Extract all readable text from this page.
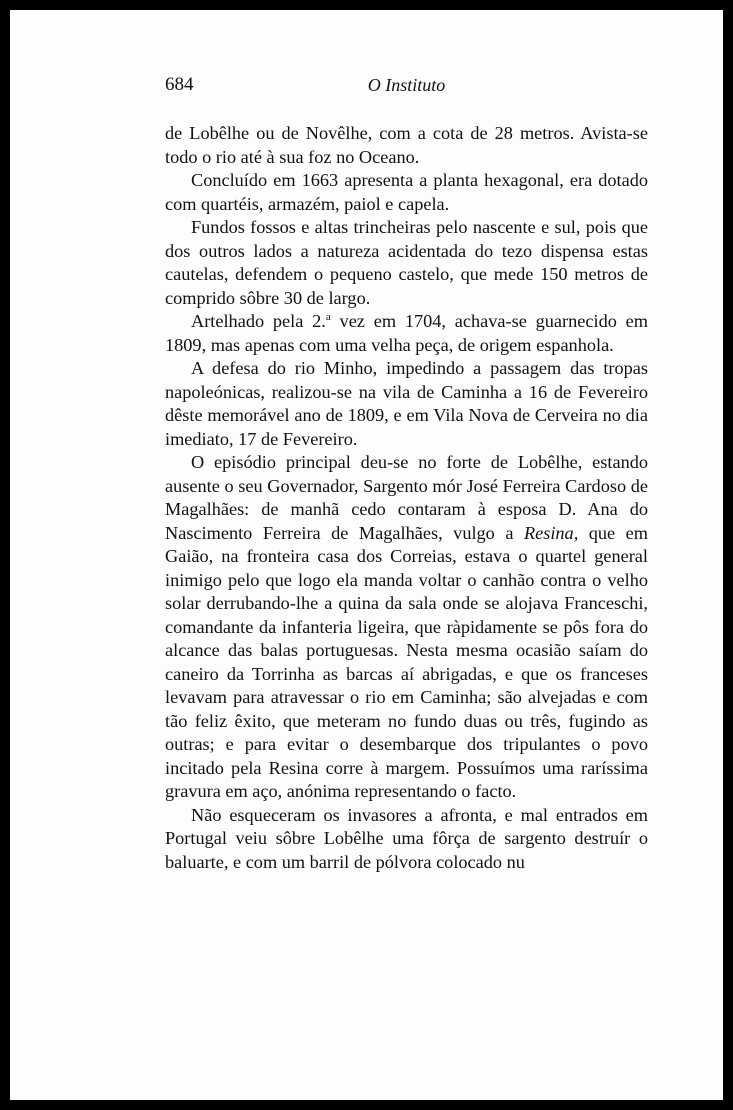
684	O Instituto

de Lobêlhe ou de Novêlhe, com a cota de 28 metros. Avista-se todo o rio até à sua foz no Oceano.

Concluído em 1663 apresenta a planta hexagonal, era dotado com quartéis, armazém, paiol e capela.

Fundos fossos e altas trincheiras pelo nascente e sul, pois que dos outros lados a natureza acidentada do tezo dispensa estas cautelas, defendem o pequeno castelo, que mede 150 metros de comprido sôbre 30 de largo.

Artelhado pela 2.$^a$ vez em 1704, achava-se guarnecido em 1809, mas apenas com uma velha peça, de origem espanhola.

A defesa do rio Minho, impedindo a passagem das tropas napoleónicas, realizou-se na vila de Caminha a 16 de Fevereiro dêste memorável ano de 1809, e em Vila Nova de Cerveira no dia imediato, 17 de Fevereiro.

O episódio principal deu-se no forte de Lobêlhe, estando ausente o seu Governador, Sargento mór José Ferreira Cardoso de Magalhães: de manhã cedo contaram à esposa D. Ana do Nascimento Ferreira de Magalhães, vulgo a Resina, que em Gaião, na fronteira casa dos Correias, estava o quartel general inimigo pelo que logo ela manda voltar o canhão contra o velho solar derrubando-lhe a quina da sala onde se alojava Franceschi, comandante da infanteria ligeira, que ràpidamente se pôs fora do alcance das balas portuguesas. Nesta mesma ocasião saíam do caneiro da Torrinha as barcas aí abrigadas, e que os franceses levavam para atravessar o rio em Caminha; são alvejadas e com tão feliz êxito, que meteram no fundo duas ou três, fugindo as outras; e para evitar o desembarque dos tripulantes o povo incitado pela Resina corre à margem. Possuímos uma raríssima gravura em aço, anónima representando o facto.

Não esqueceram os invasores a afronta, e mal entrados em Portugal veiu sôbre Lobêlhe uma fôrça de sargento destruír o baluarte, e com um barril de pólvora colocado nu
